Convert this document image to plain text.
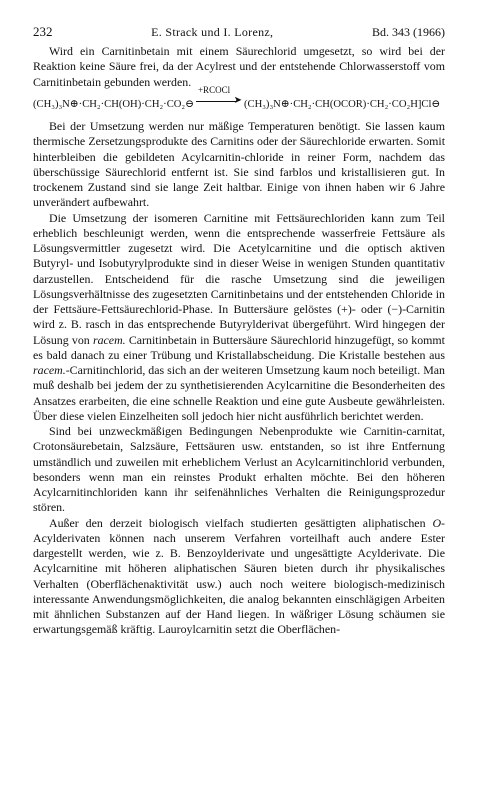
232	E. Strack und I. Lorenz,	Bd. 343 (1966)

Wird ein Carnitinbetain mit einem Säurechlorid umgesetzt, so wird bei der Reaktion keine Säure frei, da der Acylrest und der entstehende Chlorwasserstoff vom Carnitinbetain gebunden werden.

(CH₃)₃N⊕·CH₂·CH(OH)·CH₂·CO₂⊖
+RCOCl
➤ (CH₃)₃N⊕·CH₂·CH(OCOR)·CH₂·CO₂H]Cl⊖

Bei der Umsetzung werden nur mäßige Temperaturen benötigt. Sie lassen kaum thermische Zersetzungsprodukte des Carnitins oder der Säurechloride erwarten. Somit hinterbleiben die gebildeten Acylcarnitin-chloride in reiner Form, nachdem das überschüssige Säurechlorid entfernt ist. Sie sind farblos und kristallisieren gut. In trockenem Zustand sind sie lange Zeit haltbar. Einige von ihnen haben wir 6 Jahre unverändert aufbewahrt.

Die Umsetzung der isomeren Carnitine mit Fettsäurechloriden kann zum Teil erheblich beschleunigt werden, wenn die entsprechende wasserfreie Fettsäure als Lösungsvermittler zugesetzt wird. Die Acetylcarnitine und die optisch aktiven Butyryl- und Isobutyrylprodukte sind in dieser Weise in wenigen Stunden quantitativ darzustellen. Entscheidend für die rasche Umsetzung sind die jeweiligen Lösungsverhältnisse des zugesetzten Carnitinbetains und der entstehenden Chloride in der Fettsäure-Fettsäurechlorid-Phase. In Buttersäure gelöstes (+)- oder (−)-Carnitin wird z. B. rasch in das entsprechende Butyrylderivat übergeführt. Wird hingegen der Lösung von racem. Carnitinbetain in Buttersäure Säurechlorid hinzugefügt, so kommt es bald danach zu einer Trübung und Kristallabscheidung. Die Kristalle bestehen aus racem.-Carnitinchlorid, das sich an der weiteren Umsetzung kaum noch beteiligt. Man muß deshalb bei jedem der zu synthetisierenden Acylcarnitine die Besonderheiten des Ansatzes erarbeiten, die eine schnelle Reaktion und eine gute Ausbeute gewährleisten. Über diese vielen Einzelheiten soll jedoch hier nicht ausführlich berichtet werden.

Sind bei unzweckmäßigen Bedingungen Nebenprodukte wie Carnitin-carnitat, Crotonsäurebetain, Salzsäure, Fettsäuren usw. entstanden, so ist ihre Entfernung umständlich und zuweilen mit erheblichem Verlust an Acylcarnitinchlorid verbunden, besonders wenn man ein reinstes Produkt erhalten möchte. Bei den höheren Acylcarnitinchloriden kann ihr seifenähnliches Verhalten die Reinigungsprozedur stören.

Außer den derzeit biologisch vielfach studierten gesättigten aliphatischen O-Acylderivaten können nach unserem Verfahren vorteilhaft auch andere Ester dargestellt werden, wie z. B. Benzoylderivate und ungesättigte Acylderivate. Die Acylcarnitine mit höheren aliphatischen Säuren bieten durch ihr physikalisches Verhalten (Oberflächenaktivität usw.) auch noch weitere biologisch-medizinisch interessante Anwendungsmöglichkeiten, die analog bekannten einschlägigen Arbeiten mit ähnlichen Substanzen auf der Hand liegen. In wäßriger Lösung schäumen sie erwartungsgemäß kräftig. Lauroylcarnitin setzt die Oberflächen-
